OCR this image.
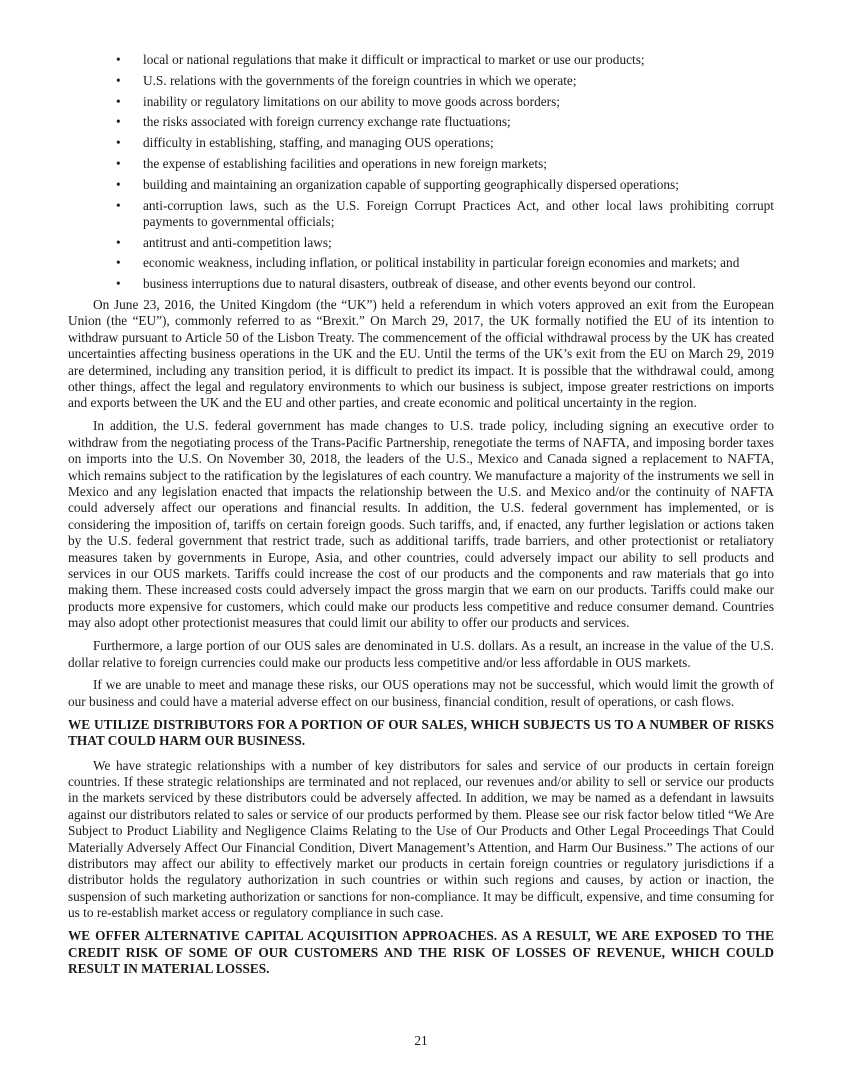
• local or national regulations that make it difficult or impractical to market or use our products;
• U.S. relations with the governments of the foreign countries in which we operate;
• inability or regulatory limitations on our ability to move goods across borders;
• the risks associated with foreign currency exchange rate fluctuations;
• difficulty in establishing, staffing, and managing OUS operations;
• the expense of establishing facilities and operations in new foreign markets;
• building and maintaining an organization capable of supporting geographically dispersed operations;
• anti-corruption laws, such as the U.S. Foreign Corrupt Practices Act, and other local laws prohibiting corrupt payments to governmental officials;
• antitrust and anti-competition laws;
• economic weakness, including inflation, or political instability in particular foreign economies and markets; and
• business interruptions due to natural disasters, outbreak of disease, and other events beyond our control.

On June 23, 2016, the United Kingdom (the “UK”) held a referendum in which voters approved an exit from the European Union (the “EU”), commonly referred to as “Brexit.” On March 29, 2017, the UK formally notified the EU of its intention to withdraw pursuant to Article 50 of the Lisbon Treaty. The commencement of the official withdrawal process by the UK has created uncertainties affecting business operations in the UK and the EU. Until the terms of the UK’s exit from the EU on March 29, 2019 are determined, including any transition period, it is difficult to predict its impact. It is possible that the withdrawal could, among other things, affect the legal and regulatory environments to which our business is subject, impose greater restrictions on imports and exports between the UK and the EU and other parties, and create economic and political uncertainty in the region.

In addition, the U.S. federal government has made changes to U.S. trade policy, including signing an executive order to withdraw from the negotiating process of the Trans-Pacific Partnership, renegotiate the terms of NAFTA, and imposing border taxes on imports into the U.S. On November 30, 2018, the leaders of the U.S., Mexico and Canada signed a replacement to NAFTA, which remains subject to the ratification by the legislatures of each country. We manufacture a majority of the instruments we sell in Mexico and any legislation enacted that impacts the relationship between the U.S. and Mexico and/or the continuity of NAFTA could adversely affect our operations and financial results. In addition, the U.S. federal government has implemented, or is considering the imposition of, tariffs on certain foreign goods. Such tariffs, and, if enacted, any further legislation or actions taken by the U.S. federal government that restrict trade, such as additional tariffs, trade barriers, and other protectionist or retaliatory measures taken by governments in Europe, Asia, and other countries, could adversely impact our ability to sell products and services in our OUS markets. Tariffs could increase the cost of our products and the components and raw materials that go into making them. These increased costs could adversely impact the gross margin that we earn on our products. Tariffs could make our products more expensive for customers, which could make our products less competitive and reduce consumer demand. Countries may also adopt other protectionist measures that could limit our ability to offer our products and services.

Furthermore, a large portion of our OUS sales are denominated in U.S. dollars. As a result, an increase in the value of the U.S. dollar relative to foreign currencies could make our products less competitive and/or less affordable in OUS markets.

If we are unable to meet and manage these risks, our OUS operations may not be successful, which would limit the growth of our business and could have a material adverse effect on our business, financial condition, result of operations, or cash flows.

WE UTILIZE DISTRIBUTORS FOR A PORTION OF OUR SALES, WHICH SUBJECTS US TO A NUMBER OF RISKS THAT COULD HARM OUR BUSINESS.

We have strategic relationships with a number of key distributors for sales and service of our products in certain foreign countries. If these strategic relationships are terminated and not replaced, our revenues and/or ability to sell or service our products in the markets serviced by these distributors could be adversely affected. In addition, we may be named as a defendant in lawsuits against our distributors related to sales or service of our products performed by them. Please see our risk factor below titled “We Are Subject to Product Liability and Negligence Claims Relating to the Use of Our Products and Other Legal Proceedings That Could Materially Adversely Affect Our Financial Condition, Divert Management’s Attention, and Harm Our Business.” The actions of our distributors may affect our ability to effectively market our products in certain foreign countries or regulatory jurisdictions if a distributor holds the regulatory authorization in such countries or within such regions and causes, by action or inaction, the suspension of such marketing authorization or sanctions for non-compliance. It may be difficult, expensive, and time consuming for us to re-establish market access or regulatory compliance in such case.

WE OFFER ALTERNATIVE CAPITAL ACQUISITION APPROACHES. AS A RESULT, WE ARE EXPOSED TO THE CREDIT RISK OF SOME OF OUR CUSTOMERS AND THE RISK OF LOSSES OF REVENUE, WHICH COULD RESULT IN MATERIAL LOSSES.
21
